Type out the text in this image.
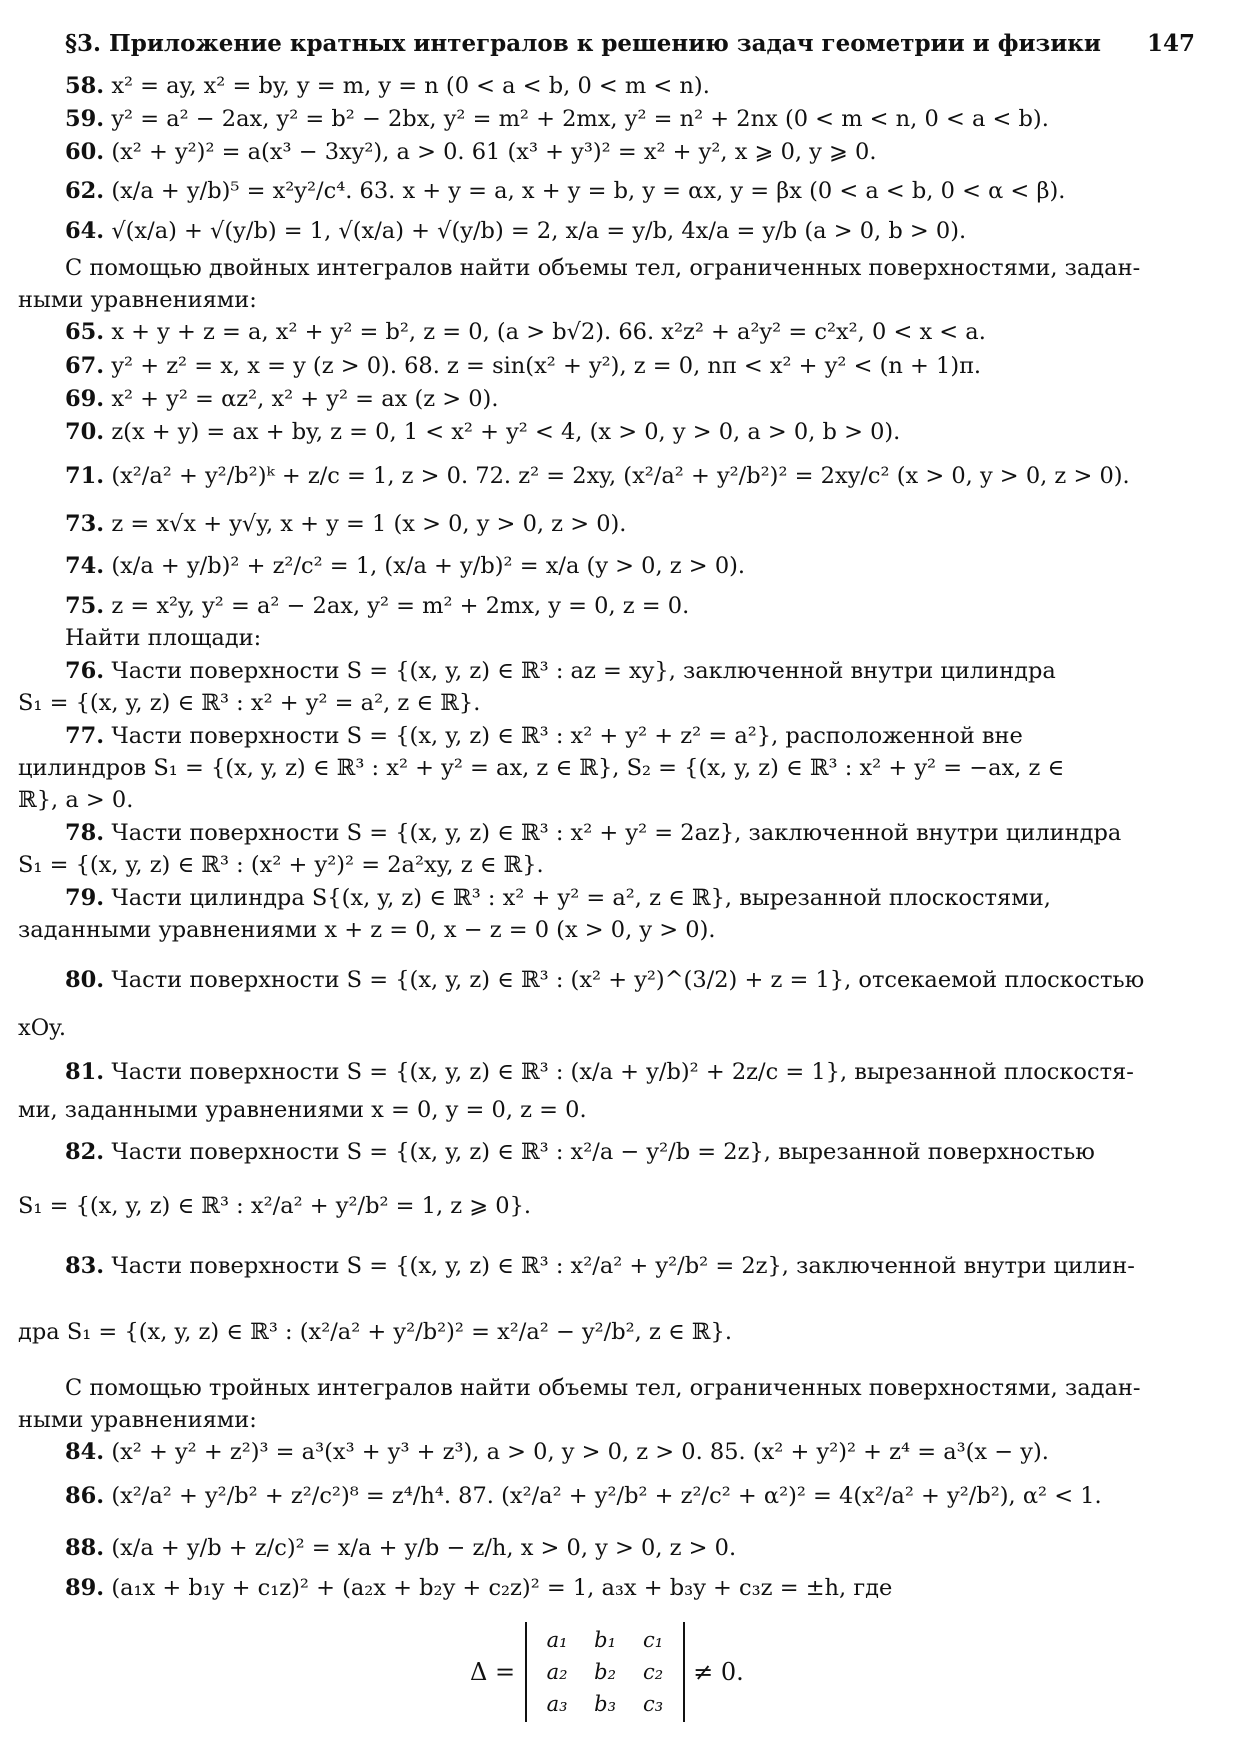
§3. Приложение кратных интегралов к решению задач геометрии и физики 147
58. x² = ay, x² = by, y = m, y = n (0 < a < b, 0 < m < n).
59. y² = a² − 2ax, y² = b² − 2bx, y² = m² + 2mx, y² = n² + 2nx (0 < m < n, 0 < a < b).
60. (x² + y²)² = a(x³ − 3xy²), a > 0. 61 (x³ + y³)² = x² + y², x ⩾ 0, y ⩾ 0.
62. (x/a + y/b)⁵ = x²y²/c⁴. 63. x + y = a, x + y = b, y = αx, y = βx (0 < a < b, 0 < α < β).
64. √(x/a) + √(y/b) = 1, √(x/a) + √(y/b) = 2, x/a = y/b, 4x/a = y/b (a > 0, b > 0).
С помощью двойных интегралов найти объемы тел, ограниченных поверхностями, задан-
ными уравнениями:
65. x + y + z = a, x² + y² = b², z = 0, (a > b√2). 66. x²z² + a²y² = c²x², 0 < x < a.
67. y² + z² = x, x = y (z > 0). 68. z = sin(x² + y²), z = 0, nπ < x² + y² < (n + 1)π.
69. x² + y² = αz², x² + y² = ax (z > 0).
70. z(x + y) = ax + by, z = 0, 1 < x² + y² < 4, (x > 0, y > 0, a > 0, b > 0).
71. (x²/a² + y²/b²)ᵏ + z/c = 1, z > 0. 72. z² = 2xy, (x²/a² + y²/b²)² = 2xy/c² (x > 0, y > 0, z > 0).
73. z = x√x + y√y, x + y = 1 (x > 0, y > 0, z > 0).
74. (x/a + y/b)² + z²/c² = 1, (x/a + y/b)² = x/a (y > 0, z > 0).
75. z = x²y, y² = a² − 2ax, y² = m² + 2mx, y = 0, z = 0.
Найти площади:
76. Части поверхности S = {(x, y, z) ∈ ℝ³ : az = xy}, заключенной внутри цилиндра
S₁ = {(x, y, z) ∈ ℝ³ : x² + y² = a², z ∈ ℝ}.
77. Части поверхности S = {(x, y, z) ∈ ℝ³ : x² + y² + z² = a²}, расположенной вне
цилиндров S₁ = {(x, y, z) ∈ ℝ³ : x² + y² = ax, z ∈ ℝ}, S₂ = {(x, y, z) ∈ ℝ³ : x² + y² = −ax, z ∈
ℝ}, a > 0.
78. Части поверхности S = {(x, y, z) ∈ ℝ³ : x² + y² = 2az}, заключенной внутри цилиндра
S₁ = {(x, y, z) ∈ ℝ³ : (x² + y²)² = 2a²xy, z ∈ ℝ}.
79. Части цилиндра S{(x, y, z) ∈ ℝ³ : x² + y² = a², z ∈ ℝ}, вырезанной плоскостями,
заданными уравнениями x + z = 0, x − z = 0 (x > 0, y > 0).
80. Части поверхности S = {(x, y, z) ∈ ℝ³ : (x² + y²)^(3/2) + z = 1}, отсекаемой плоскостью
xOy.
81. Части поверхности S = {(x, y, z) ∈ ℝ³ : (x/a + y/b)² + 2z/c = 1}, вырезанной плоскостя-
ми, заданными уравнениями x = 0, y = 0, z = 0.
82. Части поверхности S = {(x, y, z) ∈ ℝ³ : x²/a − y²/b = 2z}, вырезанной поверхностью
S₁ = {(x, y, z) ∈ ℝ³ : x²/a² + y²/b² = 1, z ⩾ 0}.
83. Части поверхности S = {(x, y, z) ∈ ℝ³ : x²/a² + y²/b² = 2z}, заключенной внутри цилин-
дра S₁ = {(x, y, z) ∈ ℝ³ : (x²/a² + y²/b²)² = x²/a² − y²/b², z ∈ ℝ}.
С помощью тройных интегралов найти объемы тел, ограниченных поверхностями, задан-
ными уравнениями:
84. (x² + y² + z²)³ = a³(x³ + y³ + z³), a > 0, y > 0, z > 0. 85. (x² + y²)² + z⁴ = a³(x − y).
86. (x²/a² + y²/b² + z²/c²)⁸ = z⁴/h⁴. 87. (x²/a² + y²/b² + z²/c² + α²)² = 4(x²/a² + y²/b²), α² < 1.
88. (x/a + y/b + z/c)² = x/a + y/b − z/h, x > 0, y > 0, z > 0.
89. (a₁x + b₁y + c₁z)² + (a₂x + b₂y + c₂z)² = 1, a₃x + b₃y + c₃z = ±h, где
Δ =
a₁	b₁	c₁
a₂	b₂	c₂
a₃	b₃	c₃
≠ 0.
